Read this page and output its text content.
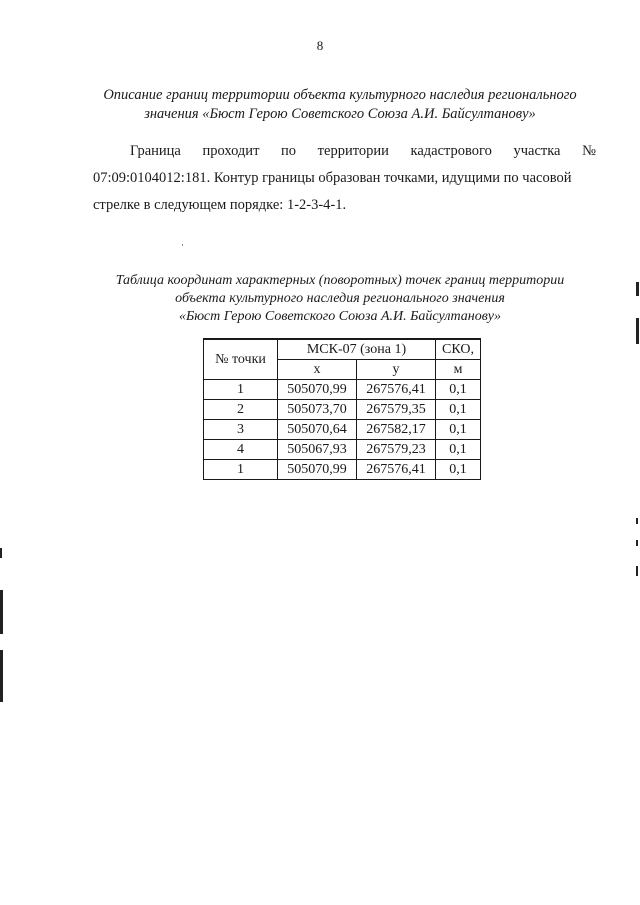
8
Описание границ территории объекта культурного наследия регионального
значения «Бюст Герою Советского Союза А.И. Байсултанову»
Граница проходит по территории кадастрового участка №
07:09:0104012:181. Контур границы образован точками, идущими по часовой
стрелке в следующем порядке: 1-2-3-4-1.
Таблица координат характерных (поворотных) точек границ территории
объекта культурного наследия регионального значения
«Бюст Герою Советского Союза А.И. Байсултанову»
№ точки	МСК-07 (зона 1)		СКО,
	x	у	м
1	505070,99	267576,41	0,1
2	505073,70	267579,35	0,1
3	505070,64	267582,17	0,1
4	505067,93	267579,23	0,1
1	505070,99	267576,41	0,1
